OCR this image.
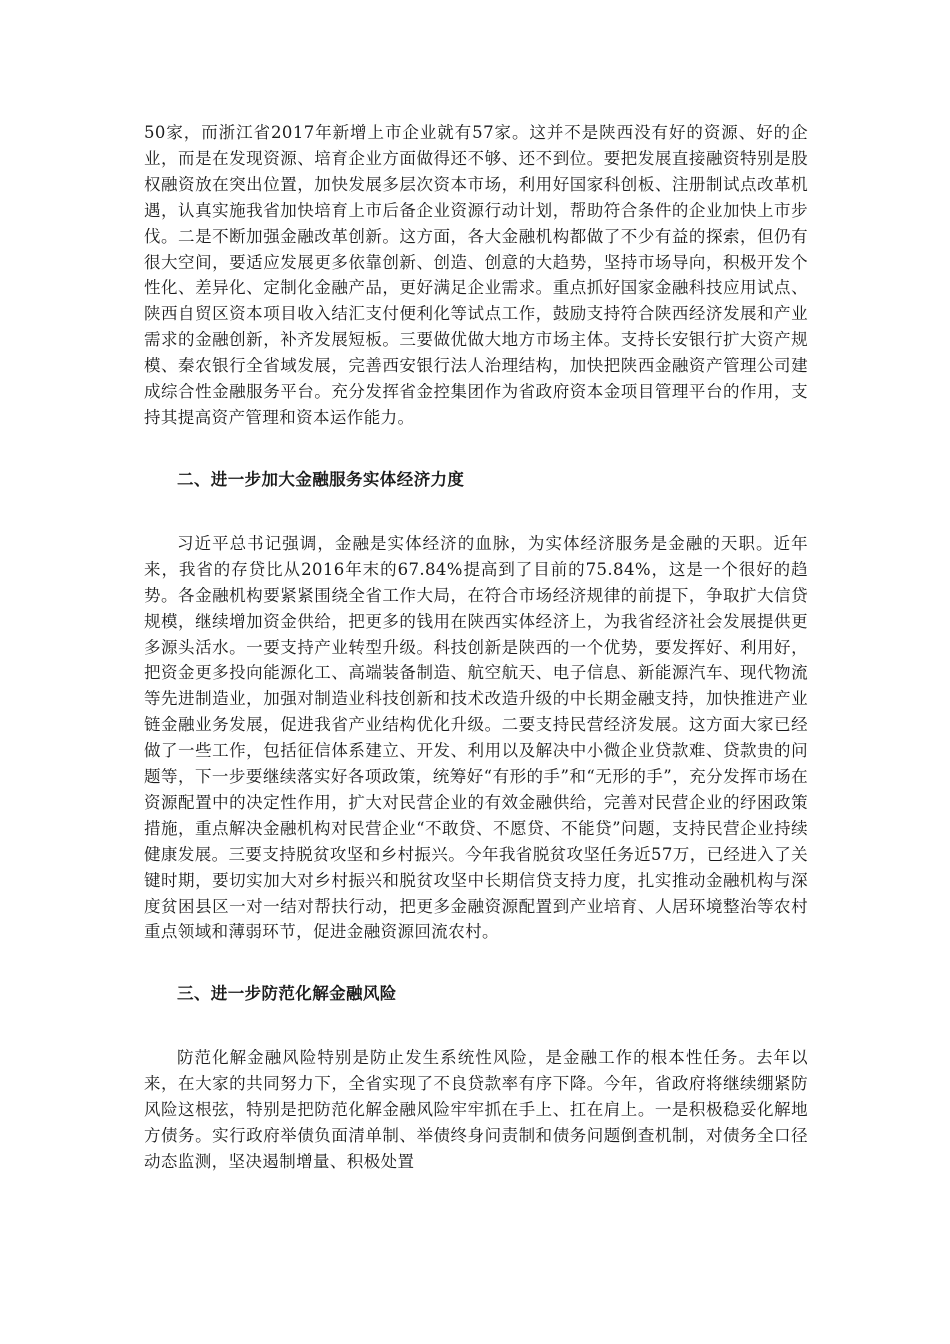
50家，而浙江省2017年新增上市企业就有57家。这并不是陕西没有好的资源、好的企业，而是在发现资源、培育企业方面做得还不够、还不到位。要把发展直接融资特别是股权融资放在突出位置，加快发展多层次资本市场，利用好国家科创板、注册制试点改革机遇，认真实施我省加快培育上市后备企业资源行动计划，帮助符合条件的企业加快上市步伐。二是不断加强金融改革创新。这方面，各大金融机构都做了不少有益的探索，但仍有很大空间，要适应发展更多依靠创新、创造、创意的大趋势，坚持市场导向，积极开发个性化、差异化、定制化金融产品，更好满足企业需求。重点抓好国家金融科技应用试点、陕西自贸区资本项目收入结汇支付便利化等试点工作，鼓励支持符合陕西经济发展和产业需求的金融创新，补齐发展短板。三要做优做大地方市场主体。支持长安银行扩大资产规模、秦农银行全省域发展，完善西安银行法人治理结构，加快把陕西金融资产管理公司建成综合性金融服务平台。充分发挥省金控集团作为省政府资本金项目管理平台的作用，支持其提高资产管理和资本运作能力。

二、进一步加大金融服务实体经济力度

习近平总书记强调，金融是实体经济的血脉，为实体经济服务是金融的天职。近年来，我省的存贷比从2016年末的67.84%提高到了目前的75.84%，这是一个很好的趋势。各金融机构要紧紧围绕全省工作大局，在符合市场经济规律的前提下，争取扩大信贷规模，继续增加资金供给，把更多的钱用在陕西实体经济上，为我省经济社会发展提供更多源头活水。一要支持产业转型升级。科技创新是陕西的一个优势，要发挥好、利用好，把资金更多投向能源化工、高端装备制造、航空航天、电子信息、新能源汽车、现代物流等先进制造业，加强对制造业科技创新和技术改造升级的中长期金融支持，加快推进产业链金融业务发展，促进我省产业结构优化升级。二要支持民营经济发展。这方面大家已经做了一些工作，包括征信体系建立、开发、利用以及解决中小微企业贷款难、贷款贵的问题等，下一步要继续落实好各项政策，统筹好“有形的手”和“无形的手”，充分发挥市场在资源配置中的决定性作用，扩大对民营企业的有效金融供给，完善对民营企业的纾困政策措施，重点解决金融机构对民营企业“不敢贷、不愿贷、不能贷”问题，支持民营企业持续健康发展。三要支持脱贫攻坚和乡村振兴。今年我省脱贫攻坚任务近57万，已经进入了关键时期，要切实加大对乡村振兴和脱贫攻坚中长期信贷支持力度，扎实推动金融机构与深度贫困县区一对一结对帮扶行动，把更多金融资源配置到产业培育、人居环境整治等农村重点领域和薄弱环节，促进金融资源回流农村。

三、进一步防范化解金融风险

防范化解金融风险特别是防止发生系统性风险，是金融工作的根本性任务。去年以来，在大家的共同努力下，全省实现了不良贷款率有序下降。今年，省政府将继续绷紧防风险这根弦，特别是把防范化解金融风险牢牢抓在手上、扛在肩上。一是积极稳妥化解地方债务。实行政府举债负面清单制、举债终身问责制和债务问题倒查机制，对债务全口径动态监测，坚决遏制增量、积极处置
